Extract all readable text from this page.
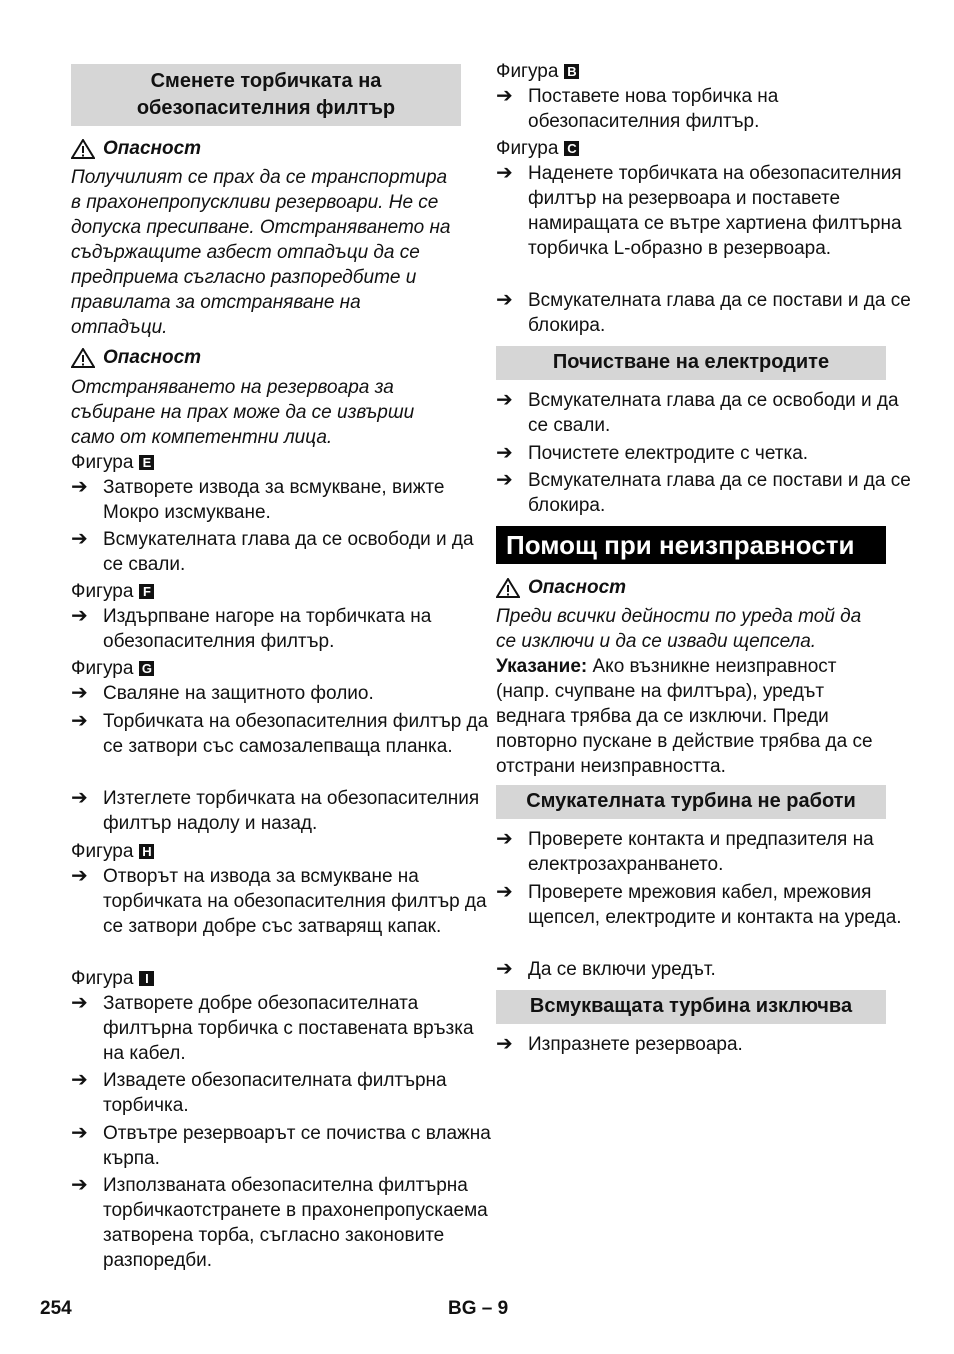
Сменете торбичката на обезопасителния филтър
Опасност
Получилият се прах да се транспортира в прахонепропускливи резервоари. Не се допуска пресипване. Отстраняването на съдържащите азбест отпадъци да се предприема съгласно разпоредбите и правилата за отстраняване на отпадъци.
Опасност
Отстраняването на резервоара за събиране на прах може да се извърши само от компетентни лица.
Фигура E
➔ Затворете извода за всмукване, вижте Мокро изсмукване.
➔ Всмукателната глава да се освободи и да се свали.
Фигура F
➔ Издърпване нагоре на торбичката на обезопасителния филтър.
Фигура G
➔ Сваляне на защитното фолио.
➔ Торбичката на обезопасителния филтър да се затвори със самозалепваща планка.
➔ Изтеглете торбичката на обезопасителния филтър надолу и назад.
Фигура H
➔ Отворът на извода за всмукване на торбичката на обезопасителния филтър да се затвори добре със затварящ капак.
Фигура I
➔ Затворете добре обезопасителната филтърна торбичка с поставената връзка на кабел.
➔ Извадете обезопасителната филтърна торбичка.
➔ Отвътре резервоарът се почиства с влажна кърпа.
➔ Използваната обезопасителна филтърна торбичкаотстранете в прахонепропускаема затворена торба, съгласно законовите разпоредби.
Фигура B
➔ Поставете нова торбичка на обезопасителния филтър.
Фигура C
➔ Наденете торбичката на обезопасителния филтър на резервоара и поставете намиращата се вътре хартиена филтърна торбичка L-образно в резервоара.
➔ Всмукателната глава да се постави и да се блокира.
Почистване на електродите
➔ Всмукателната глава да се освободи и да се свали.
➔ Почистете електродите с четка.
➔ Всмукателната глава да се постави и да се блокира.
Помощ при неизправности
Опасност
Преди всички дейности по уреда той да се изключи и да се извади щепсела.
Указание: Ако възникне неизправност (напр. счупване на филтъра), уредът веднага трябва да се изключи. Преди повторно пускане в действие трябва да се отстрани неизправността.
Смукателната турбина не работи
➔ Проверете контакта и предпазителя на електрозахранването.
➔ Проверете мрежовия кабел, мрежовия щепсел, електродите и контакта на уреда.
➔ Да се включи уредът.
Всмукващата турбина изключва
➔ Изпразнете резервоара.
254	BG – 9
